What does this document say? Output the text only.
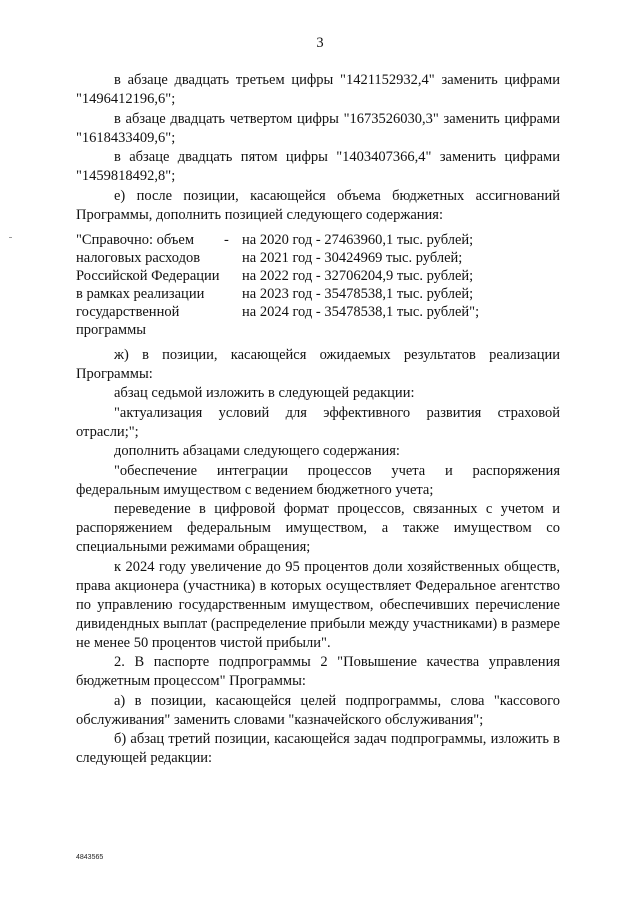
3

в абзаце двадцать третьем цифры "1421152932,4" заменить цифрами "1496412196,6";

в абзаце двадцать четвертом цифры "1673526030,3" заменить цифрами "1618433409,6";

в абзаце двадцать пятом цифры "1403407366,4" заменить цифрами "1459818492,8";

е) после позиции, касающейся объема бюджетных ассигнований Программы, дополнить позицией следующего содержания:

"Справочно: объем налоговых расходов Российской Федерации в рамках реализации государственной программы
- на 2020 год - 27463960,1 тыс. рублей;
на 2021 год - 30424969 тыс. рублей;
на 2022 год - 32706204,9 тыс. рублей;
на 2023 год - 35478538,1 тыс. рублей;
на 2024 год - 35478538,1 тыс. рублей";

ж) в позиции, касающейся ожидаемых результатов реализации Программы:

абзац седьмой изложить в следующей редакции:

"актуализация условий для эффективного развития страховой отрасли;";

дополнить абзацами следующего содержания:

"обеспечение интеграции процессов учета и распоряжения федеральным имуществом с ведением бюджетного учета;

переведение в цифровой формат процессов, связанных с учетом и распоряжением федеральным имуществом, а также имуществом со специальными режимами обращения;

к 2024 году увеличение до 95 процентов доли хозяйственных обществ, права акционера (участника) в которых осуществляет Федеральное агентство по управлению государственным имуществом, обеспечивших перечисление дивидендных выплат (распределение прибыли между участниками) в размере не менее 50 процентов чистой прибыли".

2. В паспорте подпрограммы 2 "Повышение качества управления бюджетным процессом" Программы:

а) в позиции, касающейся целей подпрограммы, слова "кассового обслуживания" заменить словами "казначейского обслуживания";

б) абзац третий позиции, касающейся задач подпрограммы, изложить в следующей редакции:

4843565
